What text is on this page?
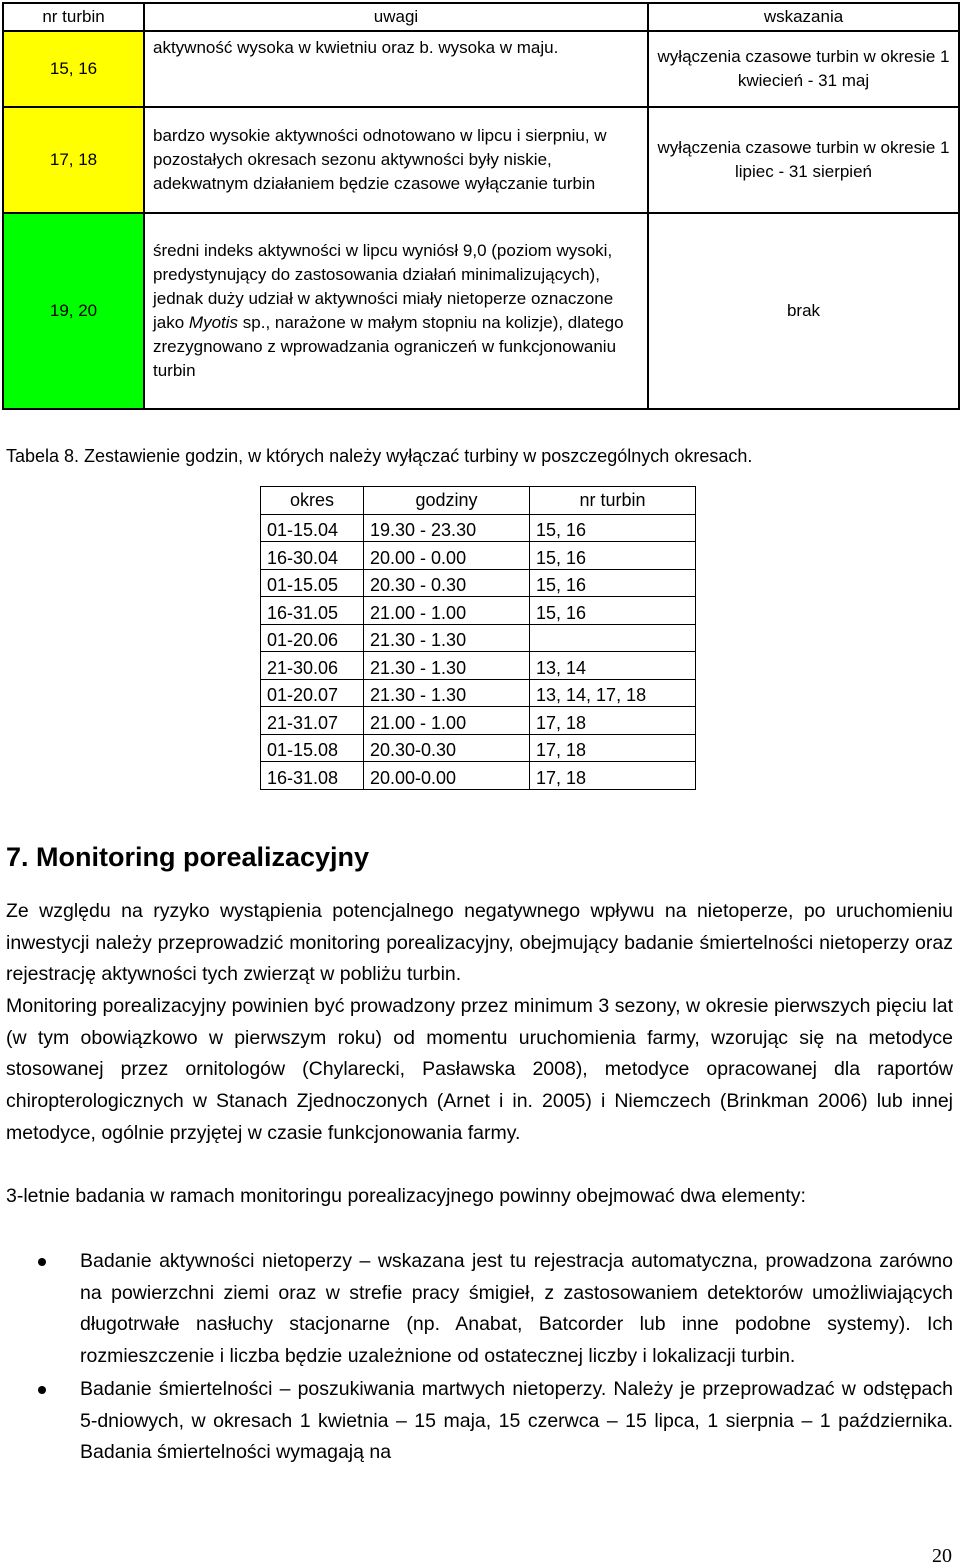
nr turbin	uwagi	wskazania
15, 16	aktywność wysoka w kwietniu oraz b. wysoka w maju.	wyłączenia czasowe turbin w okresie 1 kwiecień - 31 maj
17, 18	bardzo wysokie aktywności odnotowano w lipcu i sierpniu, w pozostałych okresach sezonu aktywności były niskie, adekwatnym działaniem będzie czasowe wyłączanie turbin	wyłączenia czasowe turbin w okresie 1 lipiec - 31 sierpień
19, 20	średni indeks aktywności w lipcu wyniósł 9,0 (poziom wysoki, predystynujący do zastosowania działań minimalizujących), jednak duży udział w aktywności miały nietoperze oznaczone jako Myotis sp., narażone w małym stopniu na kolizje), dlatego zrezygnowano z wprowadzania ograniczeń w funkcjonowaniu turbin	brak
Tabela 8. Zestawienie godzin, w których należy wyłączać turbiny w poszczególnych okresach.
okres	godziny	nr turbin
01-15.04	19.30 - 23.30	15, 16
16-30.04	20.00 - 0.00	15, 16
01-15.05	20.30 - 0.30	15, 16
16-31.05	21.00 - 1.00	15, 16
01-20.06	21.30 - 1.30	
21-30.06	21.30 - 1.30	13, 14
01-20.07	21.30 - 1.30	13, 14, 17, 18
21-31.07	21.00 - 1.00	17, 18
01-15.08	20.30-0.30	17, 18
16-31.08	20.00-0.00	17, 18
7. Monitoring porealizacyjny

Ze względu na ryzyko wystąpienia potencjalnego negatywnego wpływu na nietoperze, po uruchomieniu inwestycji należy przeprowadzić monitoring porealizacyjny, obejmujący badanie śmiertelności nietoperzy oraz rejestrację aktywności tych zwierząt w pobliżu turbin.

Monitoring porealizacyjny powinien być prowadzony przez minimum 3 sezony, w okresie pierwszych pięciu lat (w tym obowiązkowo w pierwszym roku) od momentu uruchomienia farmy, wzorując się na metodyce stosowanej przez ornitologów (Chylarecki, Pasławska 2008), metodyce opracowanej dla raportów chiropterologicznych w Stanach Zjednoczonych (Arnet i in. 2005) i Niemczech (Brinkman 2006) lub innej metodyce, ogólnie przyjętej w czasie funkcjonowania farmy.

3-letnie badania w ramach monitoringu porealizacyjnego powinny obejmować dwa elementy:

Badanie aktywności nietoperzy – wskazana jest tu rejestracja automatyczna, prowadzona zarówno na powierzchni ziemi oraz w strefie pracy śmigieł, z zastosowaniem detektorów umożliwiających długotrwałe nasłuchy stacjonarne (np. Anabat, Batcorder lub inne podobne systemy). Ich rozmieszczenie i liczba będzie uzależnione od ostatecznej liczby i lokalizacji turbin.
Badanie śmiertelności – poszukiwania martwych nietoperzy. Należy je przeprowadzać w odstępach 5-dniowych, w okresach 1 kwietnia – 15 maja, 15 czerwca – 15 lipca, 1 sierpnia – 1 października. Badania śmiertelności wymagają na
20
